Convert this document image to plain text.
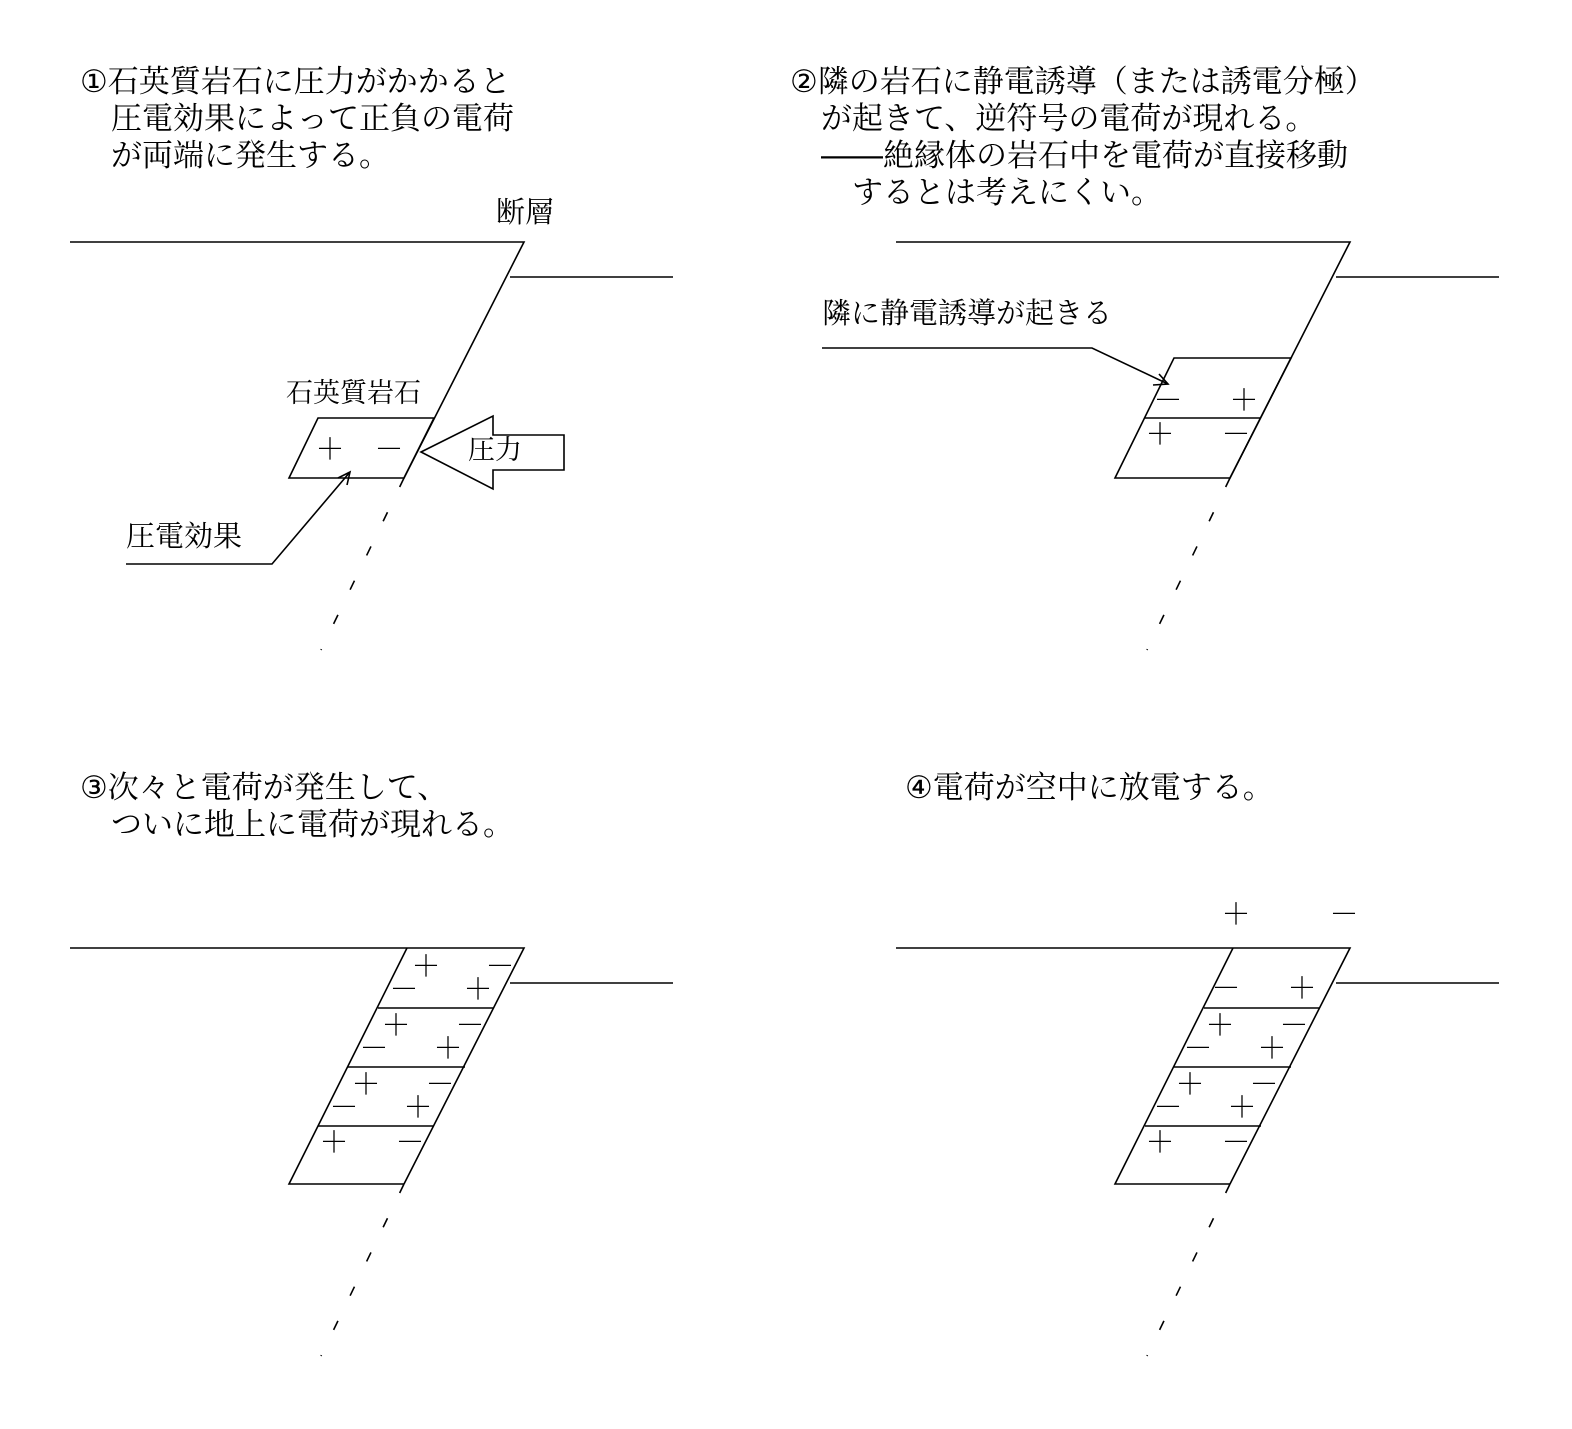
①石英質岩石に圧力がかかると
　圧電効果によって正負の電荷
　が両端に発生する。
②隣の岩石に静電誘導（または誘電分極）
　が起きて、逆符号の電荷が現れる。
　――絶縁体の岩石中を電荷が直接移動
　　するとは考えにくい。
③次々と電荷が発生して、
　ついに地上に電荷が現れる。
④電荷が空中に放電する。
断層
石英質岩石
圧力
圧電効果
隣に静電誘導が起きる
＋ －
－ ＋
＋ －
＋ －
－ ＋
＋ －
－ ＋
＋ －
－ ＋
＋ －
＋	－
－ ＋
＋ －
－ ＋
＋ －
－ ＋
＋ －
